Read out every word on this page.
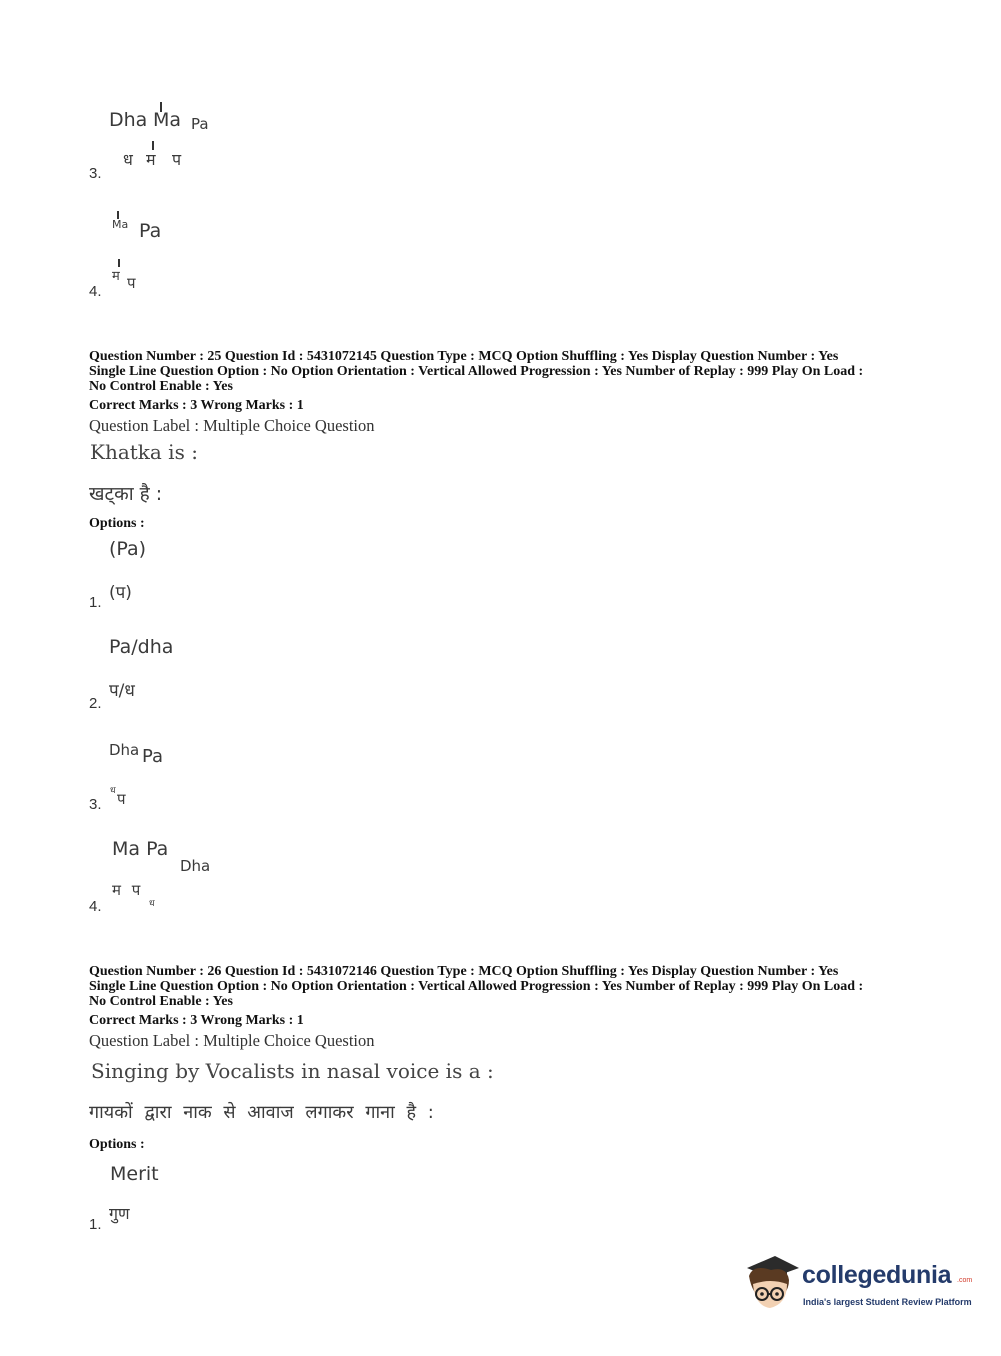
Dha Ma Pa
ध म प
3.
Ma Pa
म प
4.
Question Number : 25 Question Id : 5431072145 Question Type : MCQ Option Shuffling : Yes Display Question Number : Yes
Single Line Question Option : No Option Orientation : Vertical Allowed Progression : Yes Number of Replay : 999 Play On Load :
No Control Enable : Yes
Correct Marks : 3 Wrong Marks : 1
Question Label : Multiple Choice Question
Khatka is :
खट्का है :
Options :
(Pa)
(प)
1.
Pa/dha
प/ध
2.
Dha Pa
ध प
3.
Ma Pa
Dha
म प
ध
4.
Question Number : 26 Question Id : 5431072146 Question Type : MCQ Option Shuffling : Yes Display Question Number : Yes
Single Line Question Option : No Option Orientation : Vertical Allowed Progression : Yes Number of Replay : 999 Play On Load :
No Control Enable : Yes
Correct Marks : 3 Wrong Marks : 1
Question Label : Multiple Choice Question
Singing by Vocalists in nasal voice is a :
गायकों द्वारा नाक से आवाज लगाकर गाना है :
Options :
Merit
गुण
1.
collegedunia .com
India's largest Student Review Platform
